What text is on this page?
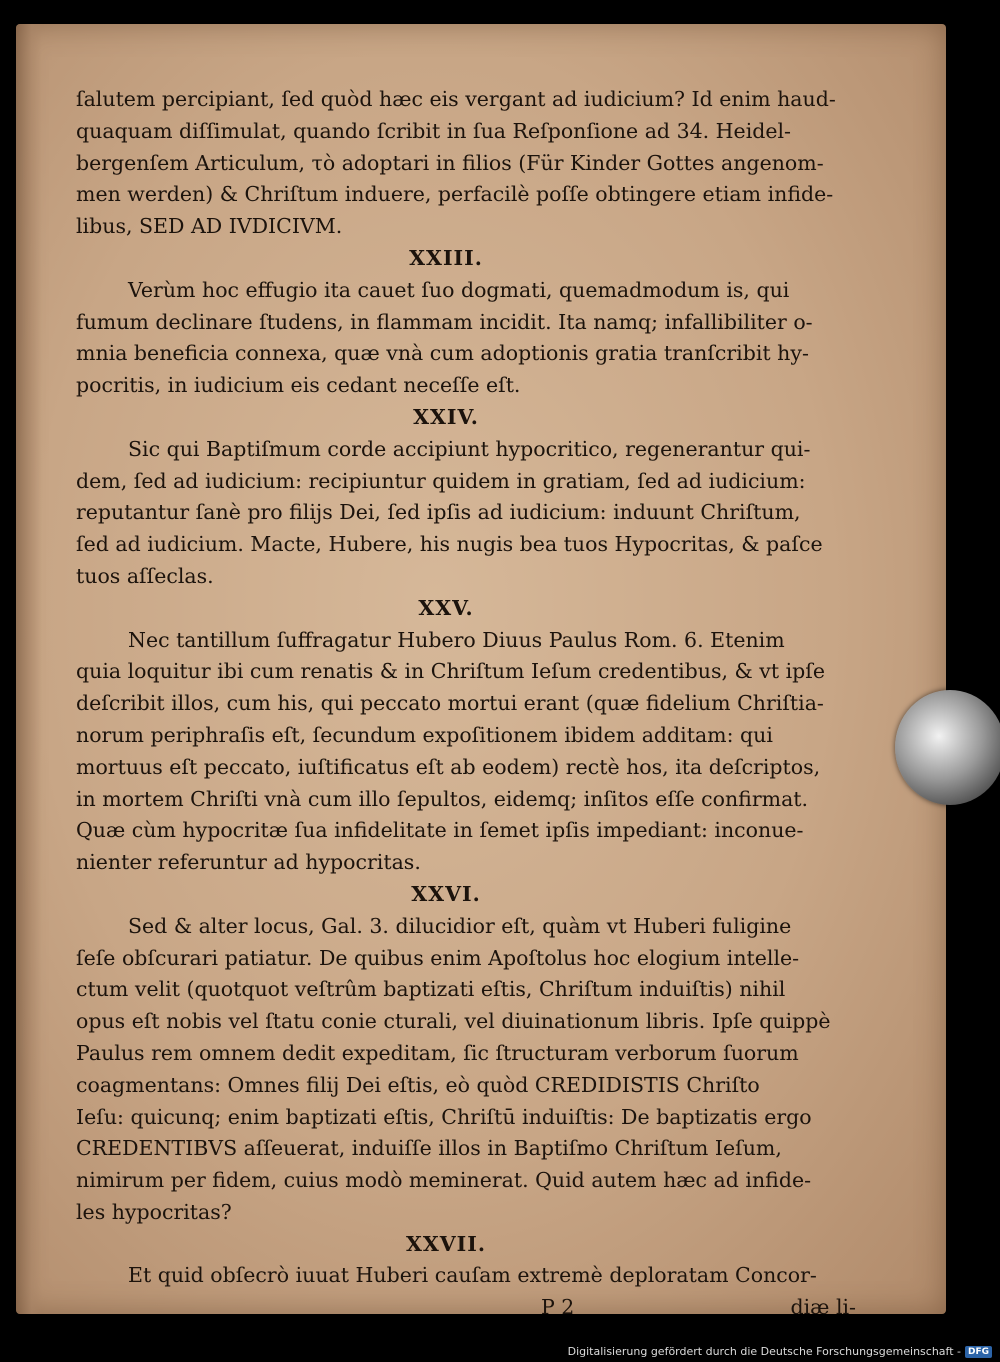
ſalutem percipiant, ſed quòd hæc eis vergant ad iudicium? Id enim haud-
quaquam diſſimulat, quando ſcribit in ſua Reſponſione ad 34. Heidel-
bergenſem Articulum, τὸ adoptari in filios (Für Kinder Gottes angenom-
men werden) & Chriſtum induere, perfacilè poſſe obtingere etiam infide-
libus, SED AD IVDICIVM.
XXIII.
Verùm hoc effugio ita cauet ſuo dogmati, quemadmodum is, qui
fumum declinare ſtudens, in flammam incidit. Ita namq; infallibiliter o-
mnia beneficia connexa, quæ vnà cum adoptionis gratia tranſcribit hy-
pocritis, in iudicium eis cedant neceſſe eſt.
XXIV.
Sic qui Baptiſmum corde accipiunt hypocritico, regenerantur qui-
dem, ſed ad iudicium: recipiuntur quidem in gratiam, ſed ad iudicium:
reputantur ſanè pro filijs Dei, ſed ipſis ad iudicium: induunt Chriſtum,
ſed ad iudicium. Macte, Hubere, his nugis bea tuos Hypocritas, & paſce
tuos aſſeclas.
XXV.
Nec tantillum ſuffragatur Hubero Diuus Paulus Rom. 6. Etenim
quia loquitur ibi cum renatis & in Chriſtum Ieſum credentibus, & vt ipſe
deſcribit illos, cum his, qui peccato mortui erant (quæ fidelium Chriſtia-
norum periphraſis eſt, ſecundum expoſitionem ibidem additam: qui
mortuus eſt peccato, iuſtificatus eſt ab eodem) rectè hos, ita deſcriptos,
in mortem Chriſti vnà cum illo ſepultos, eidemq; inſitos eſſe confirmat.
Quæ cùm hypocritæ ſua infidelitate in ſemet ipſis impediant: inconue-
nienter referuntur ad hypocritas.
XXVI.
Sed & alter locus, Gal. 3. dilucidior eſt, quàm vt Huberi fuligine
ſeſe obſcurari patiatur. De quibus enim Apoſtolus hoc elogium intelle-
ctum velit (quotquot veſtrûm baptizati eſtis, Chriſtum induiſtis) nihil
opus eſt nobis vel ſtatu conie cturali, vel diuinationum libris. Ipſe quippè
Paulus rem omnem dedit expeditam, ſic ſtructuram verborum ſuorum
coagmentans: Omnes filij Dei eſtis, eò quòd CREDIDISTIS Chriſto
Ieſu: quicunq; enim baptizati eſtis, Chriſtū induiſtis: De baptizatis ergo
CREDENTIBVS aſſeuerat, induiſſe illos in Baptiſmo Chriſtum Ieſum,
nimirum per fidem, cuius modò meminerat. Quid autem hæc ad infide-
les hypocritas?
XXVII.
Et quid obſecrò iuuat Huberi cauſam extremè deploratam Concor-
P 2	diæ li-
Digitalisierung gefördert durch die Deutsche Forschungsgemeinschaft - DFG
